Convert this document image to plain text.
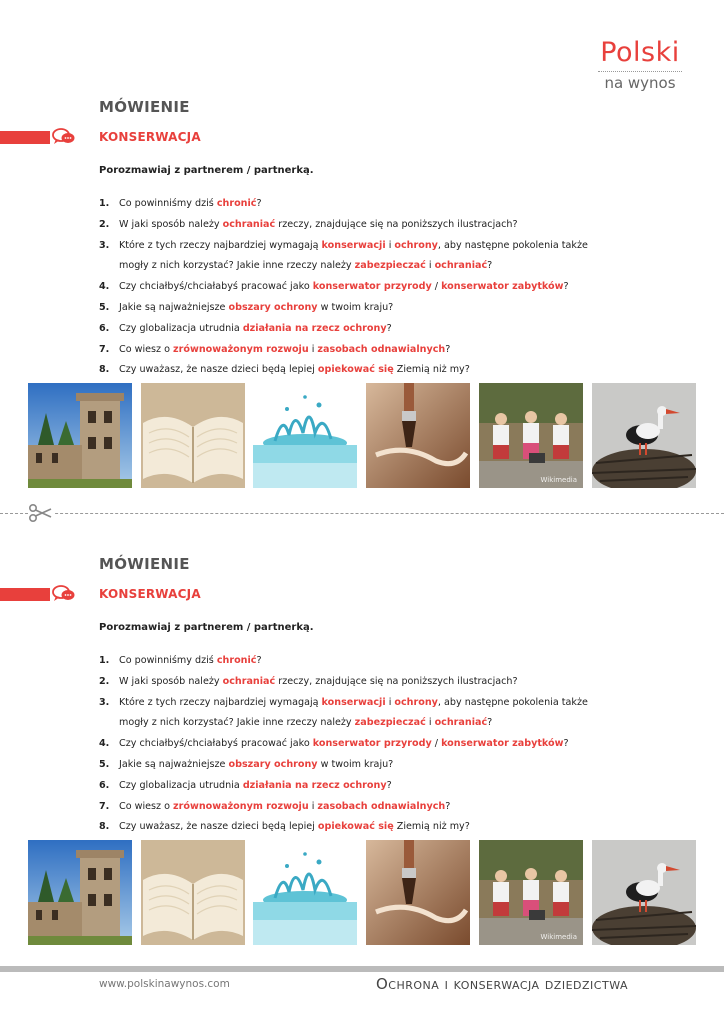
Polski
na wynos
MÓWIENIE
KONSERWACJA
Porozmawiaj z partnerem / partnerką.
1. Co powinniśmy dziś chronić?
2. W jaki sposób należy ochraniać rzeczy, znajdujące się na poniższych ilustracjach?
3. Które z tych rzeczy najbardziej wymagają konserwacji i ochrony, aby następne pokolenia także
mogły z nich korzystać? Jakie inne rzeczy należy zabezpieczać i ochraniać?
4. Czy chciałbyś/chciałabyś pracować jako konserwator przyrody / konserwator zabytków?
5. Jakie są najważniejsze obszary ochrony w twoim kraju?
6. Czy globalizacja utrudnia działania na rzecz ochrony?
7. Co wiesz o zrównoważonym rozwoju i zasobach odnawialnych?
8. Czy uważasz, że nasze dzieci będą lepiej opiekować się Ziemią niż my?
Wikimedia
MÓWIENIE
KONSERWACJA
Porozmawiaj z partnerem / partnerką.
1. Co powinniśmy dziś chronić?
2. W jaki sposób należy ochraniać rzeczy, znajdujące się na poniższych ilustracjach?
3. Które z tych rzeczy najbardziej wymagają konserwacji i ochrony, aby następne pokolenia także
mogły z nich korzystać? Jakie inne rzeczy należy zabezpieczać i ochraniać?
4. Czy chciałbyś/chciałabyś pracować jako konserwator przyrody / konserwator zabytków?
5. Jakie są najważniejsze obszary ochrony w twoim kraju?
6. Czy globalizacja utrudnia działania na rzecz ochrony?
7. Co wiesz o zrównoważonym rozwoju i zasobach odnawialnych?
8. Czy uważasz, że nasze dzieci będą lepiej opiekować się Ziemią niż my?
Wikimedia
www.polskinawynos.com	Ochrona i konserwacja dziedzictwa
